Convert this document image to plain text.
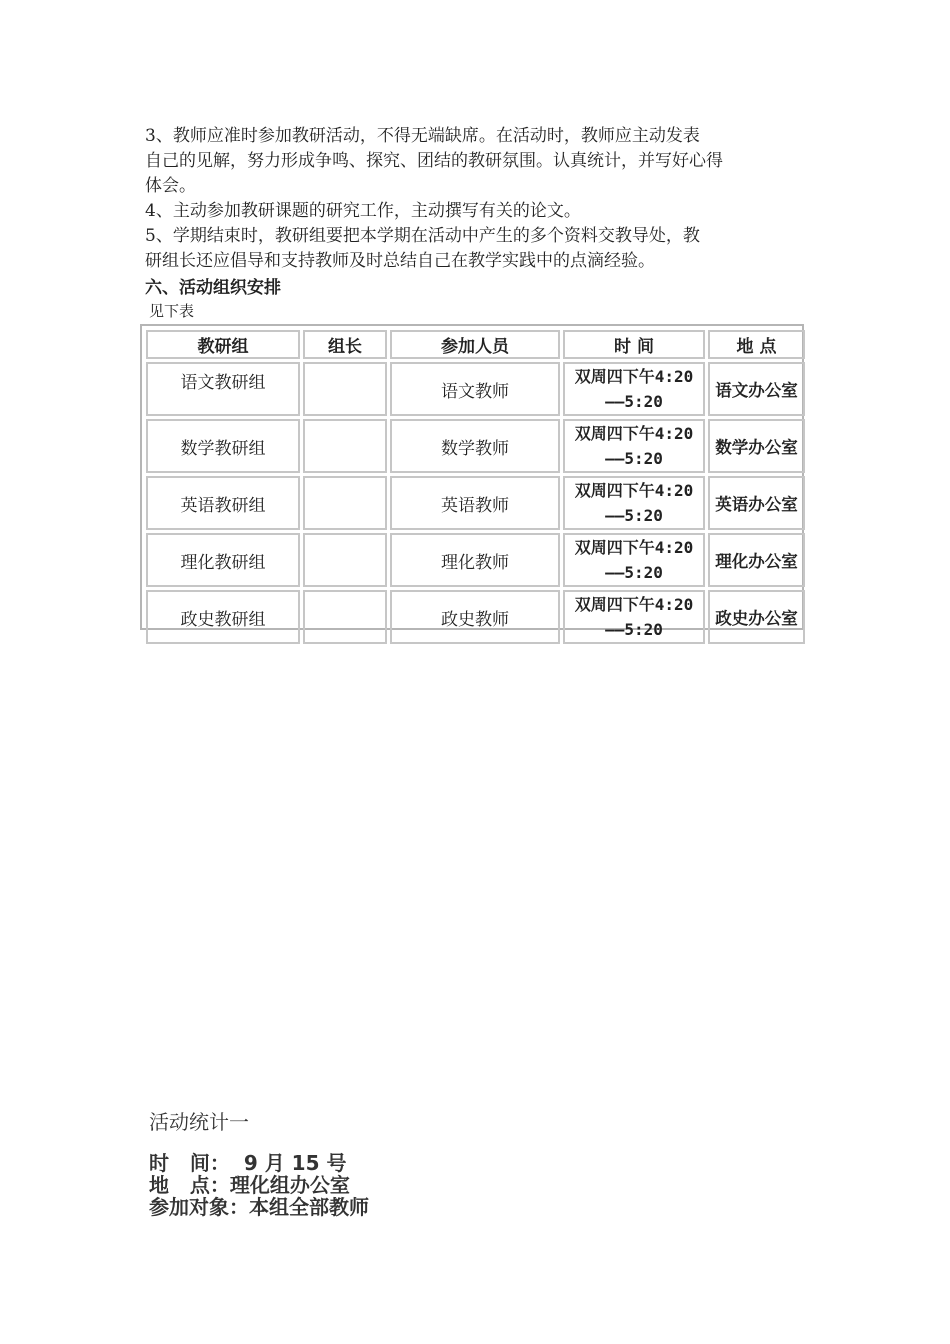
3、教师应准时参加教研活动，不得无端缺席。在活动时，教师应主动发表

自己的见解，努力形成争鸣、探究、团结的教研氛围。认真统计，并写好心得

体会。

4、主动参加教研课题的研究工作，主动撰写有关的论文。

5、学期结束时，教研组要把本学期在活动中产生的多个资料交教导处，教

研组长还应倡导和支持教师及时总结自己在教学实践中的点滴经验。

六、活动组织安排
见下表
教研组	组长	参加人员	时 间	地 点
语文教研组		语文教师	双周四下午4:20
——5:20	语文办公室
数学教研组		数学教师	双周四下午4:20
——5:20	数学办公室
英语教研组		英语教师	双周四下午4:20
——5:20	英语办公室
理化教研组		理化教师	双周四下午4:20
——5:20	理化办公室
政史教研组		政史教师	双周四下午4:20
——5:20	政史办公室
活动统计一
时   间：  9 月 15 号
地   点：理化组办公室
参加对象：本组全部教师
